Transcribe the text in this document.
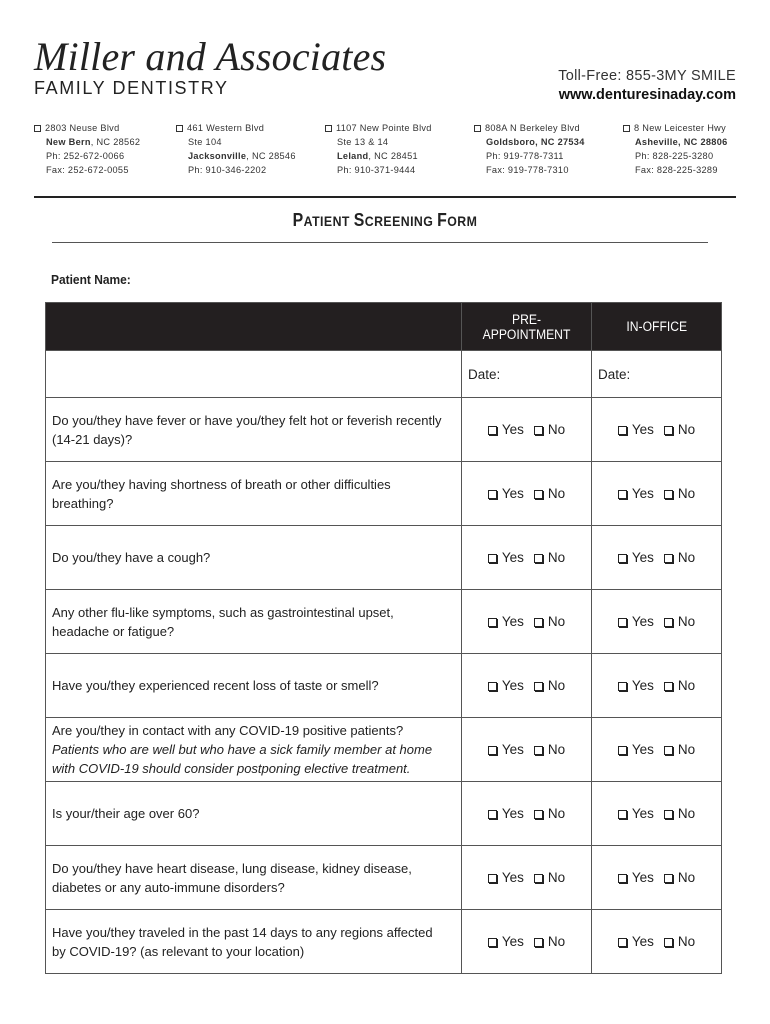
Miller and Associates
FAMILY DENTISTRY
Toll-Free: 855-3MY SMILE
www.denturesinaday.com
2803 Neuse Blvd
New Bern, NC 28562
Ph: 252-672-0066
Fax: 252-672-0055
461 Western Blvd
Ste 104
Jacksonville, NC 28546
Ph: 910-346-2202
1107 New Pointe Blvd
Ste 13 & 14
Leland, NC 28451
Ph: 910-371-9444
808A N Berkeley Blvd
Goldsboro, NC 27534
Ph: 919-778-7311
Fax: 919-778-7310
8 New Leicester Hwy
Asheville, NC 28806
Ph: 828-225-3280
Fax: 828-225-3289
PATIENT SCREENING FORM
Patient Name:
	PRE-APPOINTMENT	IN-OFFICE
	Date:	Date:
Do you/they have fever or have you/they felt hot or feverish recently (14-21 days)?	Yes No	Yes No
Are you/they having shortness of breath or other difficulties breathing?	Yes No	Yes No
Do you/they have a cough?	Yes No	Yes No
Any other flu-like symptoms, such as gastrointestinal upset, headache or fatigue?	Yes No	Yes No
Have you/they experienced recent loss of taste or smell?	Yes No	Yes No
Are you/they in contact with any COVID-19 positive patients?
Patients who are well but who have a sick family member at home with COVID-19 should consider postponing elective treatment.	Yes No	Yes No
Is your/their age over 60?	Yes No	Yes No
Do you/they have heart disease, lung disease, kidney disease, diabetes or any auto-immune disorders?	Yes No	Yes No
Have you/they traveled in the past 14 days to any regions affected by COVID-19? (as relevant to your location)	Yes No	Yes No
